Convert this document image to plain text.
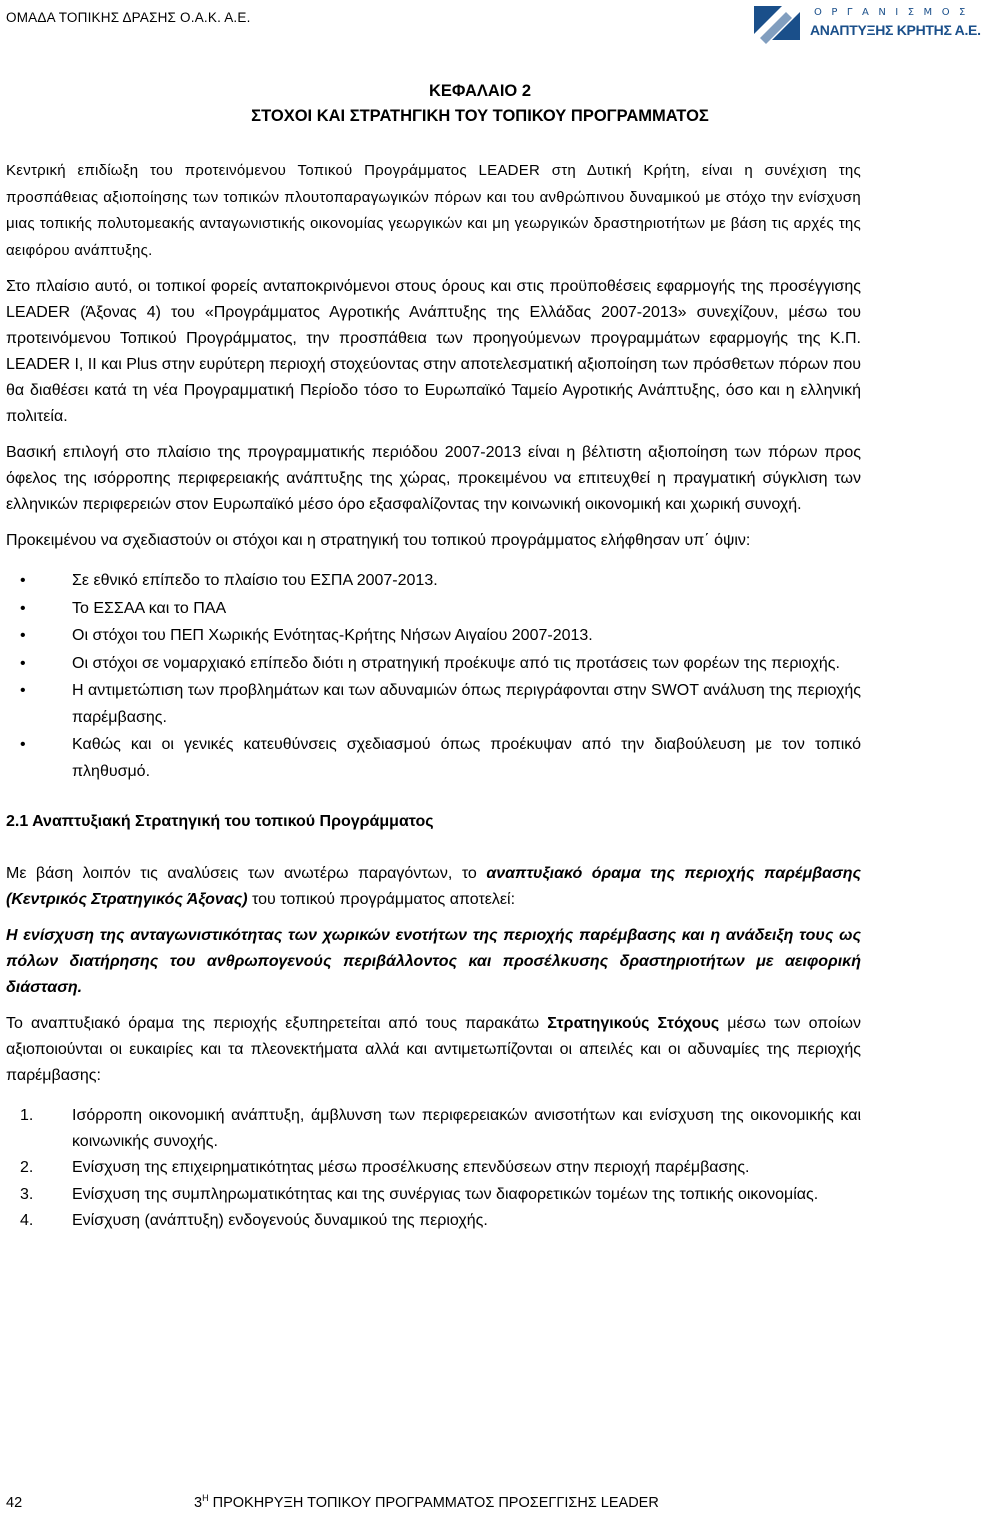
ΟΜΑΔΑ ΤΟΠΙΚΗΣ ΔΡΑΣΗΣ Ο.Α.Κ. Α.Ε.	ΟΡΓΑΝΙΣΜΟΣ
ΑΝΑΠΤΥΞΗΣ ΚΡΗΤΗΣ Α.Ε.
ΚΕΦΑΛΑΙΟ 2
ΣΤΟΧΟΙ ΚΑΙ ΣΤΡΑΤΗΓΙΚΗ ΤΟΥ ΤΟΠΙΚΟΥ ΠΡΟΓΡΑΜΜΑΤΟΣ

Κεντρική επιδίωξη του προτεινόμενου Τοπικού Προγράμματος LEADER στη Δυτική Κρήτη, είναι η συνέχιση της προσπάθειας αξιοποίησης των τοπικών πλουτοπαραγωγικών πόρων και του ανθρώπινου δυναμικού με στόχο την ενίσχυση μιας τοπικής πολυτομεακής ανταγωνιστικής οικονομίας γεωργικών και μη γεωργικών δραστηριοτήτων με βάση τις αρχές της αειφόρου ανάπτυξης.

Στο πλαίσιο αυτό, οι τοπικοί φορείς ανταποκρινόμενοι στους όρους και στις προϋποθέσεις εφαρμογής της προσέγγισης LEADER (Άξονας 4) του «Προγράμματος Αγροτικής Ανάπτυξης της Ελλάδας 2007-2013» συνεχίζουν, μέσω του προτεινόμενου Τοπικού Προγράμματος, την προσπάθεια των προηγούμενων προγραμμάτων εφαρμογής της Κ.Π. LEADER I, II και Plus στην ευρύτερη περιοχή στοχεύοντας στην αποτελεσματική αξιοποίηση των πρόσθετων πόρων που θα διαθέσει κατά τη νέα Προγραμματική Περίοδο τόσο το Ευρωπαϊκό Ταμείο Αγροτικής Ανάπτυξης, όσο και η ελληνική πολιτεία.

Βασική επιλογή στο πλαίσιο της προγραμματικής περιόδου 2007-2013 είναι η βέλτιστη αξιοποίηση των πόρων προς όφελος της ισόρροπης περιφερειακής ανάπτυξης της χώρας, προκειμένου να επιτευχθεί η πραγματική σύγκλιση των ελληνικών περιφερειών στον Ευρωπαϊκό μέσο όρο εξασφαλίζοντας την κοινωνική οικονομική και χωρική συνοχή.

Προκειμένου να σχεδιαστούν οι στόχοι και η στρατηγική του τοπικού προγράμματος ελήφθησαν υπ΄ όψιν:

•	Σε εθνικό επίπεδο το πλαίσιο του ΕΣΠΑ 2007-2013.
•	Το ΕΣΣΑΑ και το ΠΑΑ
•	Οι στόχοι του ΠΕΠ Χωρικής Ενότητας-Κρήτης Νήσων Αιγαίου 2007-2013.
•	Οι στόχοι σε νομαρχιακό επίπεδο διότι η στρατηγική προέκυψε από τις προτάσεις των φορέων της περιοχής.
•	Η αντιμετώπιση των προβλημάτων και των αδυναμιών όπως περιγράφονται στην SWOT ανάλυση της περιοχής παρέμβασης.
•	Καθώς και οι γενικές κατευθύνσεις σχεδιασμού όπως προέκυψαν από την διαβούλευση με τον τοπικό πληθυσμό.
2.1 Αναπτυξιακή Στρατηγική του τοπικού Προγράμματος

Με βάση λοιπόν τις αναλύσεις των ανωτέρω παραγόντων, το αναπτυξιακό όραμα της περιοχής παρέμβασης (Κεντρικός Στρατηγικός Άξονας) του τοπικού προγράμματος αποτελεί:

Η ενίσχυση της ανταγωνιστικότητας των χωρικών ενοτήτων της περιοχής παρέμβασης και η ανάδειξη τους ως πόλων διατήρησης του ανθρωπογενούς περιβάλλοντος και προσέλκυσης δραστηριοτήτων με αειφορική διάσταση.

Το αναπτυξιακό όραμα της περιοχής εξυπηρετείται από τους παρακάτω Στρατηγικούς Στόχους μέσω των οποίων αξιοποιούνται οι ευκαιρίες και τα πλεονεκτήματα αλλά και αντιμετωπίζονται οι απειλές και οι αδυναμίες της περιοχής παρέμβασης:

1. Ισόρροπη οικονομική ανάπτυξη, άμβλυνση των περιφερειακών ανισοτήτων και ενίσχυση της οικονομικής και κοινωνικής συνοχής.
2. Ενίσχυση της επιχειρηματικότητας μέσω προσέλκυσης επενδύσεων στην περιοχή παρέμβασης.
3. Ενίσχυση της συμπληρωματικότητας και της συνέργιας των διαφορετικών τομέων της τοπικής οικονομίας.
4. Ενίσχυση (ανάπτυξη) ενδογενούς δυναμικού της περιοχής.
42	$3^H$ ΠΡΟΚΗΡΥΞΗ ΤΟΠΙΚΟΥ ΠΡΟΓΡΑΜΜΑΤΟΣ ΠΡΟΣΕΓΓΙΣΗΣ LEADER
